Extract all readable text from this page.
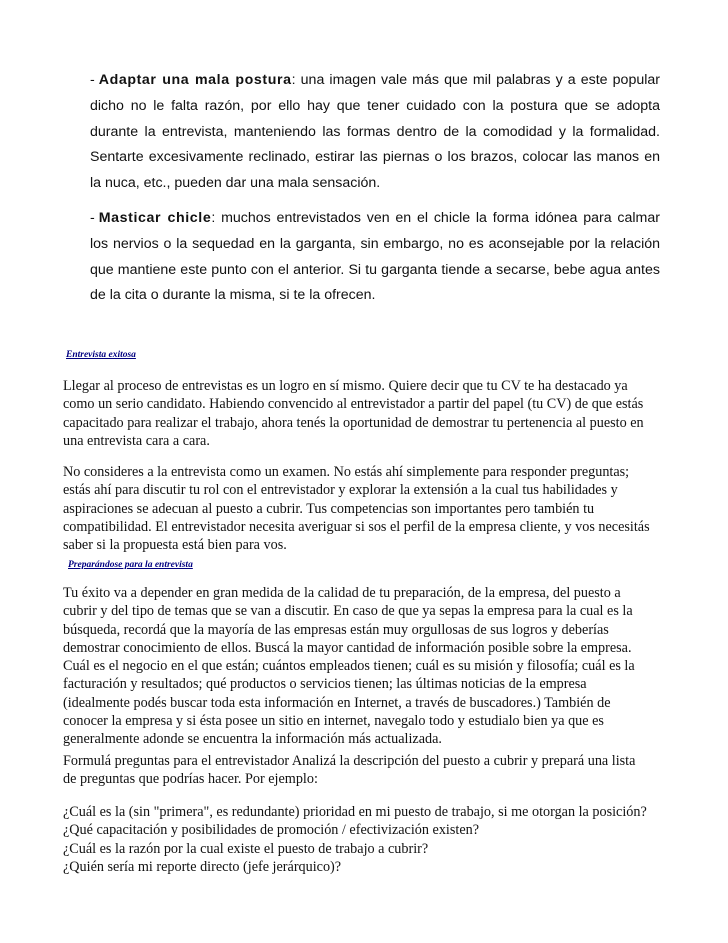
- Adaptar una mala postura: una imagen vale más que mil palabras y a este popular
dicho no le falta razón, por ello hay que tener cuidado con la postura que se adopta
durante la entrevista, manteniendo las formas dentro de la comodidad y la formalidad.
Sentarte excesivamente reclinado, estirar las piernas o los brazos, colocar las manos en
la nuca, etc., pueden dar una mala sensación.
- Masticar chicle: muchos entrevistados ven en el chicle la forma idónea para calmar
los nervios o la sequedad en la garganta, sin embargo, no es aconsejable por la relación
que mantiene este punto con el anterior. Si tu garganta tiende a secarse, bebe agua antes
de la cita o durante la misma, si te la ofrecen.
Entrevista exitosa
Llegar al proceso de entrevistas es un logro en sí mismo. Quiere decir que tu CV te ha destacado ya
como un serio candidato. Habiendo convencido al entrevistador a partir del papel (tu CV) de que estás
capacitado para realizar el trabajo, ahora tenés la oportunidad de demostrar tu pertenencia al puesto en
una entrevista cara a cara.
No consideres a la entrevista como un examen. No estás ahí simplemente para responder preguntas;
estás ahí para discutir tu rol con el entrevistador y explorar la extensión a la cual tus habilidades y
aspiraciones se adecuan al puesto a cubrir. Tus competencias son importantes pero también tu
compatibilidad. El entrevistador necesita averiguar si sos el perfil de la empresa cliente, y vos necesitás
saber si la propuesta está bien para vos.
Preparándose para la entrevista
Tu éxito va a depender en gran medida de la calidad de tu preparación, de la empresa, del puesto a
cubrir y del tipo de temas que se van a discutir. En caso de que ya sepas la empresa para la cual es la
búsqueda, recordá que la mayoría de las empresas están muy orgullosas de sus logros y deberías
demostrar conocimiento de ellos. Buscá la mayor cantidad de información posible sobre la empresa.
Cuál es el negocio en el que están; cuántos empleados tienen; cuál es su misión y filosofía; cuál es la
facturación y resultados; qué productos o servicios tienen; las últimas noticias de la empresa
(idealmente podés buscar toda esta información en Internet, a través de buscadores.) También de
conocer la empresa y si ésta posee un sitio en internet, navegalo todo y estudialo bien ya que es
generalmente adonde se encuentra la información más actualizada.
Formulá preguntas para el entrevistador Analizá la descripción del puesto a cubrir y prepará una lista
de preguntas que podrías hacer. Por ejemplo:
¿Cuál es la (sin "primera", es redundante) prioridad en mi puesto de trabajo, si me otorgan la posición?
¿Qué capacitación y posibilidades de promoción / efectivización existen?
¿Cuál es la razón por la cual existe el puesto de trabajo a cubrir?
¿Quién sería mi reporte directo (jefe jerárquico)?
